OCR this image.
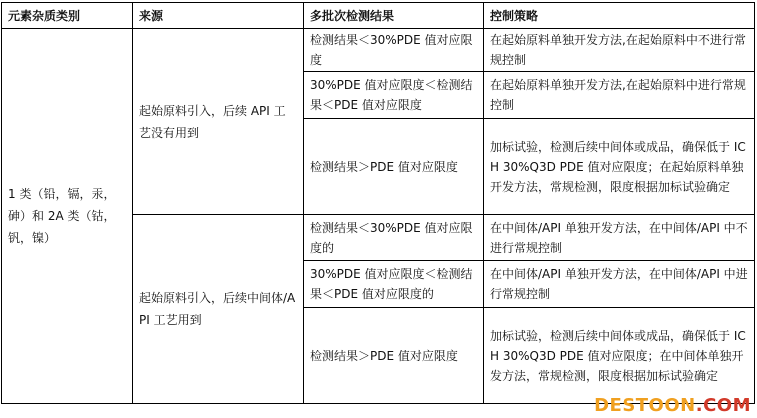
元素杂质类别	来源	多批次检测结果	控制策略
1 类（铅，镉，汞，砷）和 2A 类（钴，钒，镍）	起始原料引入，后续 API 工艺没有用到	检测结果＜30%PDE 值对应限度	在起始原料单独开发方法,在起始原料中不进行常规控制
		30%PDE 值对应限度＜检测结果＜PDE 值对应限度	在起始原料单独开发方法,在起始原料中进行常规控制
		检测结果＞PDE 值对应限度	加标试验，检测后续中间体或成品，确保低于 ICH 30%Q3D PDE 值对应限度；在起始原料单独开发方法，常规检测，限度根据加标试验确定
	起始原料引入，后续中间体/API 工艺用到	检测结果＜30%PDE 值对应限度的	在中间体/API 单独开发方法，在中间体/API 中不进行常规控制
		30%PDE 值对应限度＜检测结果＜PDE 值对应限度的	在中间体/API 单独开发方法，在中间体/API 中进行常规控制
		检测结果＞PDE 值对应限度	加标试验，检测后续中间体或成品，确保低于 ICH 30%Q3D PDE 值对应限度；在中间体单独开发方法，常规检测，限度根据加标试验确定
DESTOON.COM
